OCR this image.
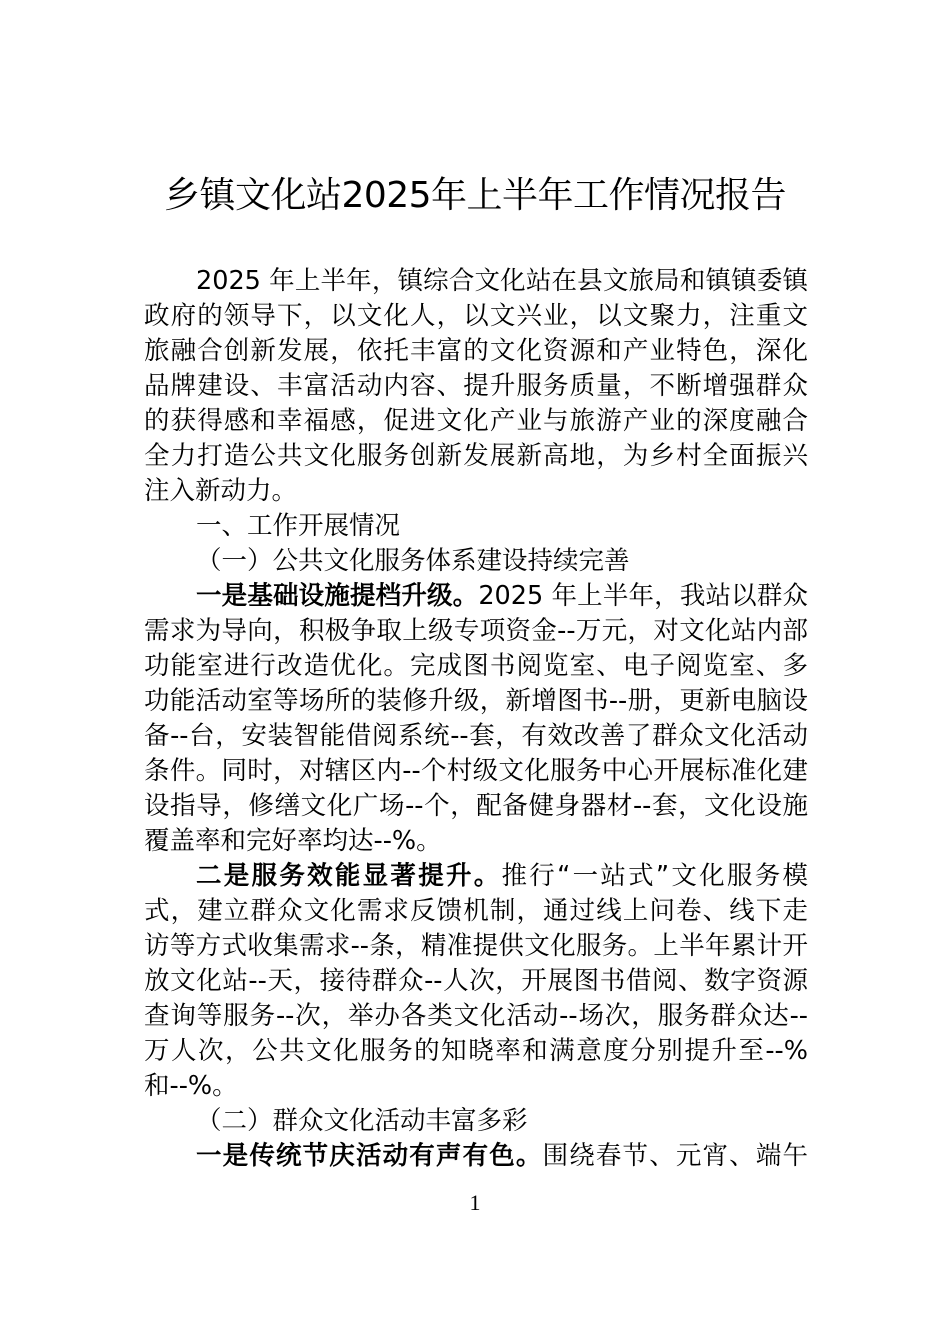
乡镇文化站2025年上半年工作情况报告
2025 年上半年，镇综合文化站在县文旅局和镇镇委镇
政府的领导下，以文化人，以文兴业，以文聚力，注重文
旅融合创新发展，依托丰富的文化资源和产业特色，深化
品牌建设、丰富活动内容、提升服务质量，不断增强群众
的获得感和幸福感，促进文化产业与旅游产业的深度融合
全力打造公共文化服务创新发展新高地，为乡村全面振兴
注入新动力。
一、工作开展情况
（一）公共文化服务体系建设持续完善
一是基础设施提档升级。2025 年上半年，我站以群众
需求为导向，积极争取上级专项资金--万元，对文化站内部
功能室进行改造优化。完成图书阅览室、电子阅览室、多
功能活动室等场所的装修升级，新增图书--册，更新电脑设
备--台，安装智能借阅系统--套，有效改善了群众文化活动
条件。同时，对辖区内--个村级文化服务中心开展标准化建
设指导，修缮文化广场--个，配备健身器材--套，文化设施
覆盖率和完好率均达--%。
二是服务效能显著提升。推行“一站式”文化服务模
式，建立群众文化需求反馈机制，通过线上问卷、线下走
访等方式收集需求--条，精准提供文化服务。上半年累计开
放文化站--天，接待群众--人次，开展图书借阅、数字资源
查询等服务--次，举办各类文化活动--场次，服务群众达--
万人次，公共文化服务的知晓率和满意度分别提升至--%
和--%。
（二）群众文化活动丰富多彩
一是传统节庆活动有声有色。围绕春节、元宵、端午
1
